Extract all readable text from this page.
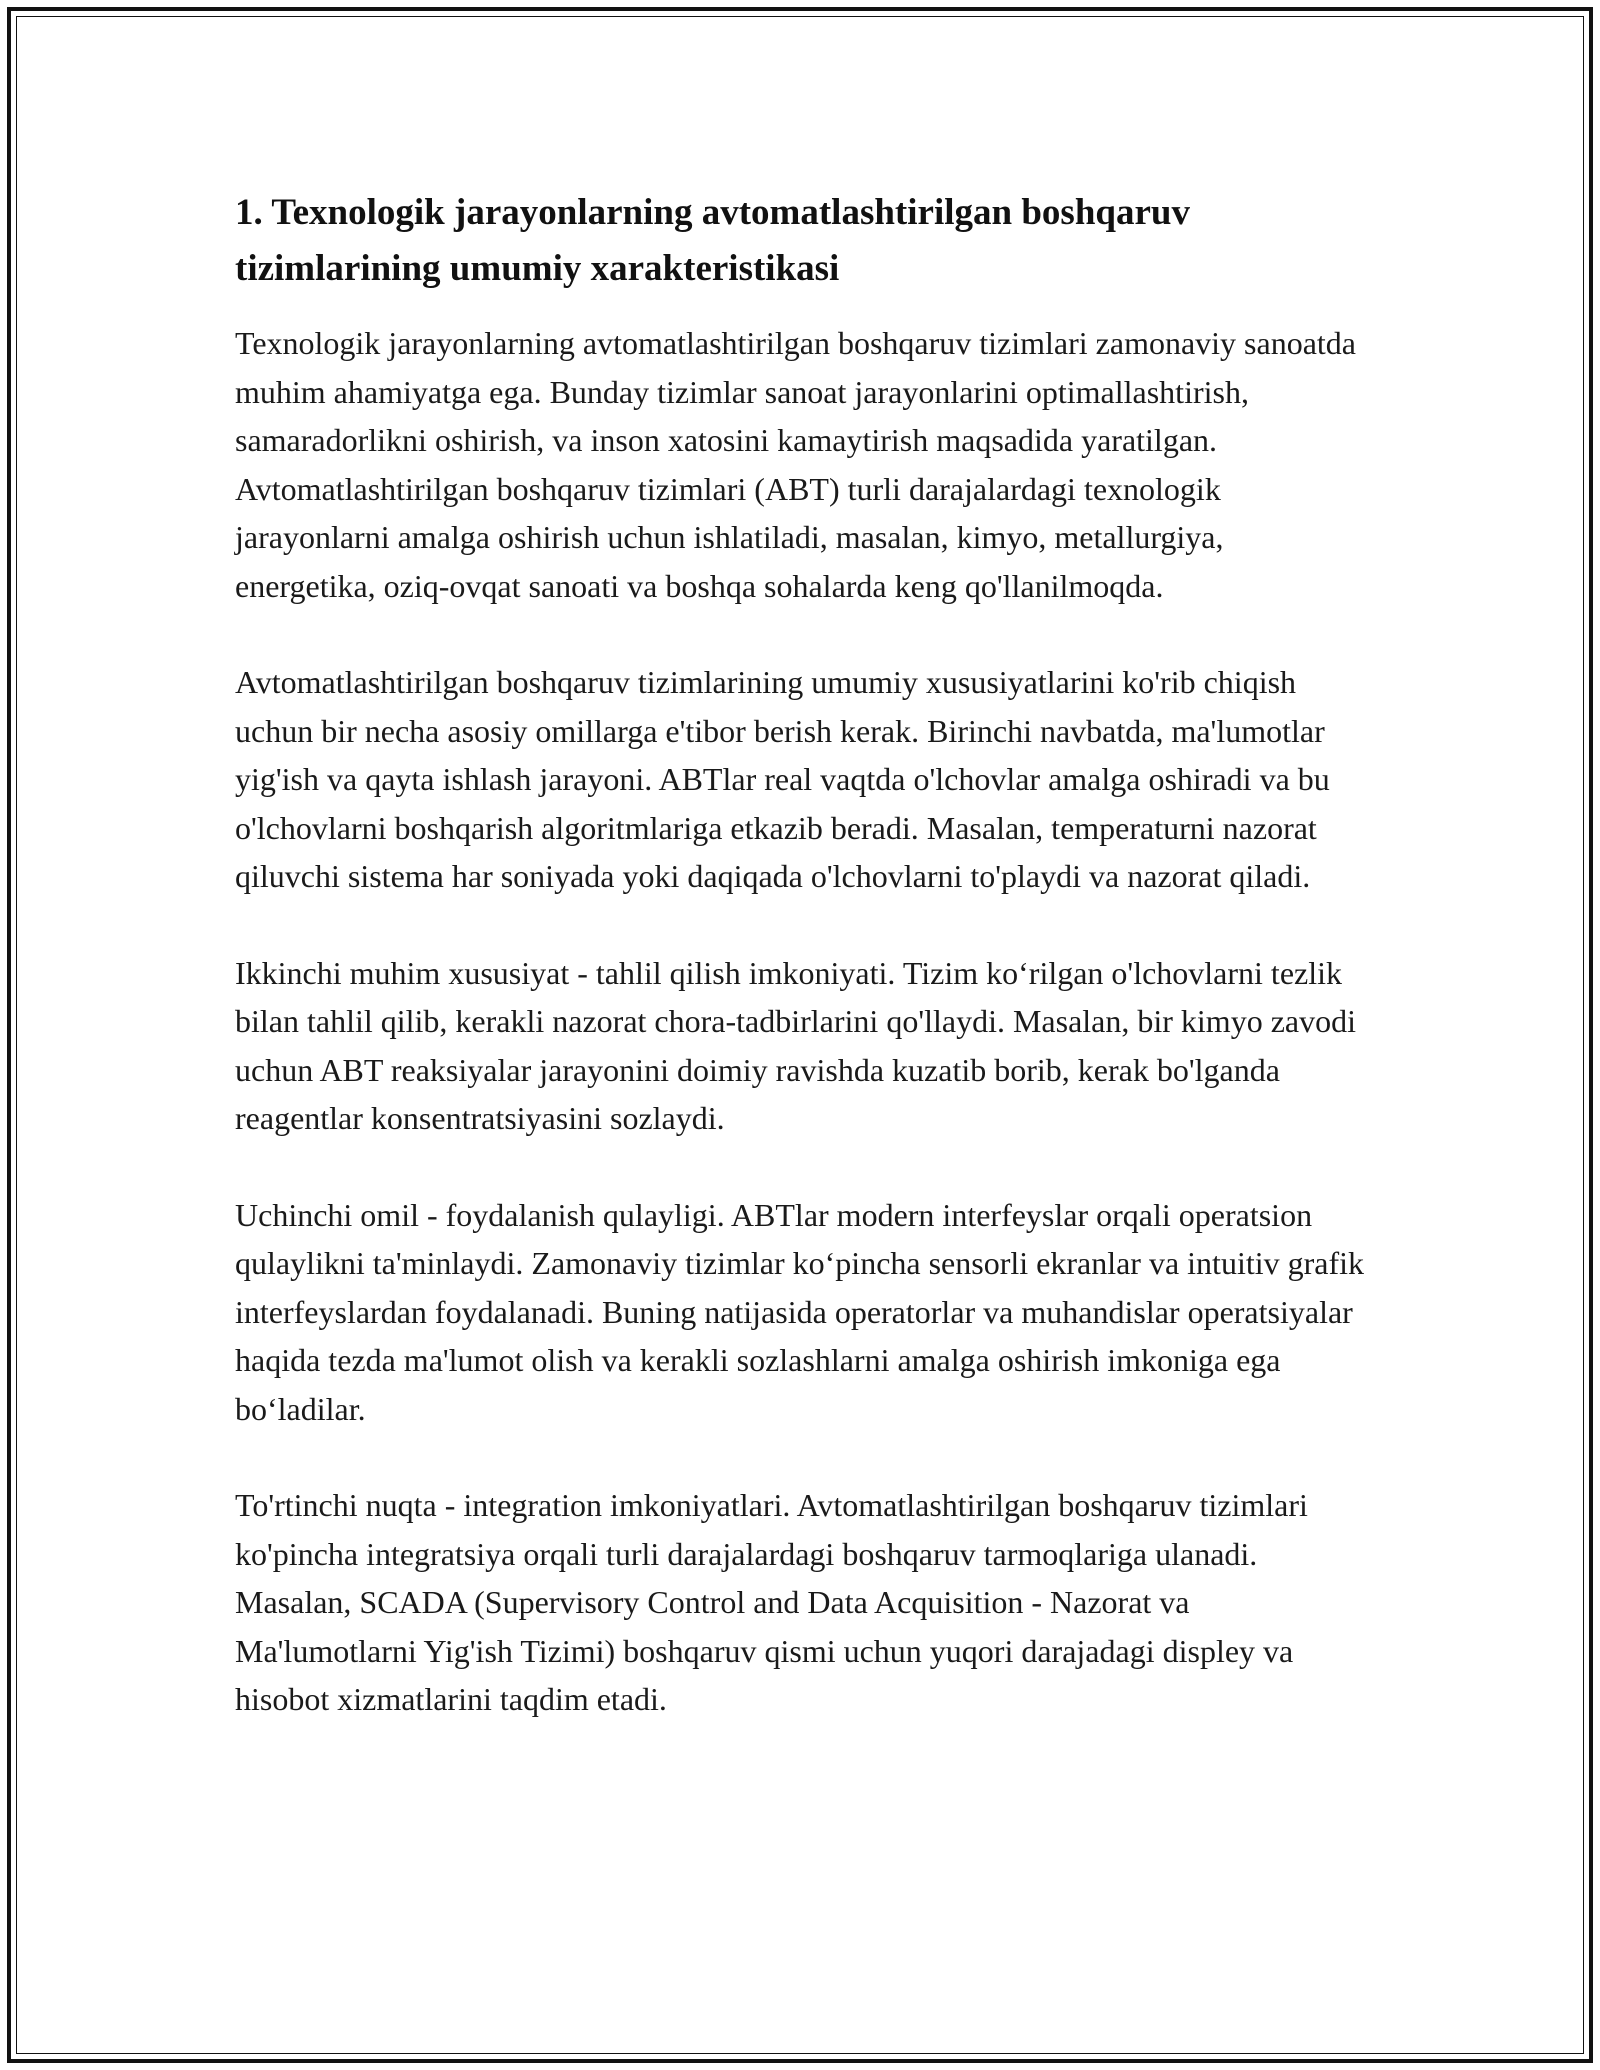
1. Texnologik jarayonlarning avtomatlashtirilgan boshqaruv tizimlarining umumiy xarakteristikasi

Texnologik jarayonlarning avtomatlashtirilgan boshqaruv tizimlari zamonaviy sanoatda muhim ahamiyatga ega. Bunday tizimlar sanoat jarayonlarini optimallashtirish, samaradorlikni oshirish, va inson xatosini kamaytirish maqsadida yaratilgan. Avtomatlashtirilgan boshqaruv tizimlari (ABT) turli darajalardagi texnologik jarayonlarni amalga oshirish uchun ishlatiladi, masalan, kimyo, metallurgiya, energetika, oziq-ovqat sanoati va boshqa sohalarda keng qo'llanilmoqda.

Avtomatlashtirilgan boshqaruv tizimlarining umumiy xususiyatlarini ko'rib chiqish uchun bir necha asosiy omillarga e'tibor berish kerak. Birinchi navbatda, ma'lumotlar yig'ish va qayta ishlash jarayoni. ABTlar real vaqtda o'lchovlar amalga oshiradi va bu o'lchovlarni boshqarish algoritmlariga etkazib beradi. Masalan, temperaturni nazorat qiluvchi sistema har soniyada yoki daqiqada o'lchovlarni to'playdi va nazorat qiladi.

Ikkinchi muhim xususiyat - tahlil qilish imkoniyati. Tizim ko‘rilgan o'lchovlarni tezlik bilan tahlil qilib, kerakli nazorat chora-tadbirlarini qo'llaydi. Masalan, bir kimyo zavodi uchun ABT reaksiyalar jarayonini doimiy ravishda kuzatib borib, kerak bo'lganda reagentlar konsentratsiyasini sozlaydi.

Uchinchi omil - foydalanish qulayligi. ABTlar modern interfeyslar orqali operatsion qulaylikni ta'minlaydi. Zamonaviy tizimlar ko‘pincha sensorli ekranlar va intuitiv grafik interfeyslardan foydalanadi. Buning natijasida operatorlar va muhandislar operatsiyalar haqida tezda ma'lumot olish va kerakli sozlashlarni amalga oshirish imkoniga ega bo‘ladilar.

To'rtinchi nuqta - integration imkoniyatlari. Avtomatlashtirilgan boshqaruv tizimlari ko'pincha integratsiya orqali turli darajalardagi boshqaruv tarmoqlariga ulanadi. Masalan, SCADA (Supervisory Control and Data Acquisition - Nazorat va Ma'lumotlarni Yig'ish Tizimi) boshqaruv qismi uchun yuqori darajadagi displey va hisobot xizmatlarini taqdim etadi.
